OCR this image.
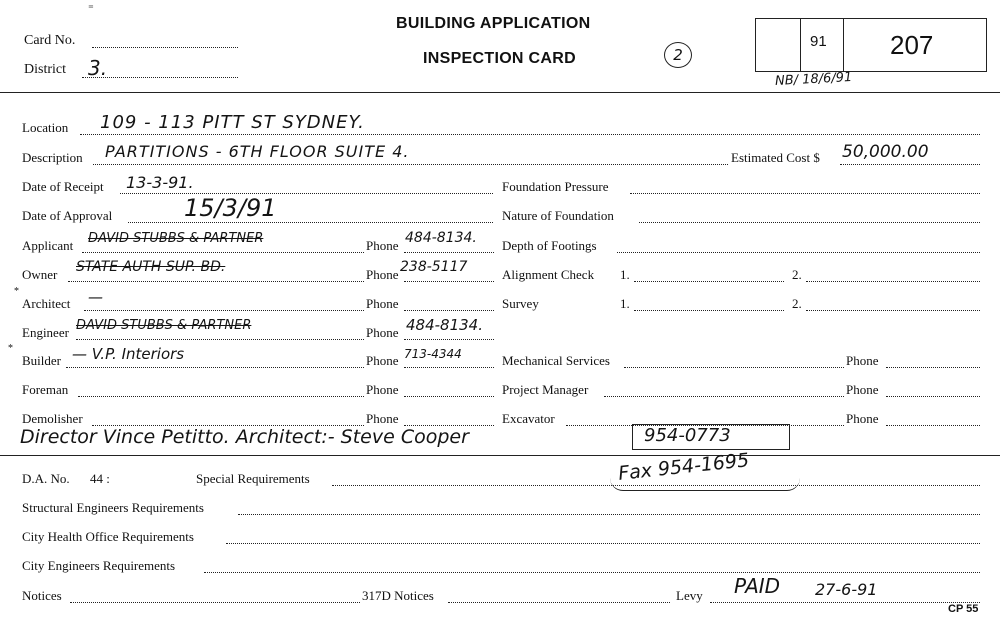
⁼
Card No.
District 3.
BUILDING APPLICATION
INSPECTION CARD	2
91 207
NB/ 18/6/91
Location 109 - 113 PITT ST SYDNEY.
Description PARTITIONS - 6TH FLOOR SUITE 4.	Estimated Cost $ 50,000.00
Date of Receipt 13-3-91.	Foundation Pressure
Date of Approval	15/3/91	Nature of Foundation
Applicant DAVID STUBBS & PARTNER	Phone 484-8134. Depth of Footings
Owner STATE AUTH SUP. BD.	Phone 238-5117	Alignment Check 1.	2.
*
Architect —	Phone	Survey	1.	2.
Engineer DAVID STUBBS & PARTNER	Phone 484-8134.
*
Builder — V.P. Interiors	Phone 713-4344	Mechanical Services	Phone
Foreman	Phone	Project Manager	Phone
Demolisher	Phone	Excavator	Phone
Director Vince Petitto. Architect:- Steve Cooper	954-0773
D.A. No. 44 :	Special Requirements	Fax 954-1695
Structural Engineers Requirements
City Health Office Requirements
City Engineers Requirements
Notices	317D Notices	Levy PAID 27-6-91
CP 55
